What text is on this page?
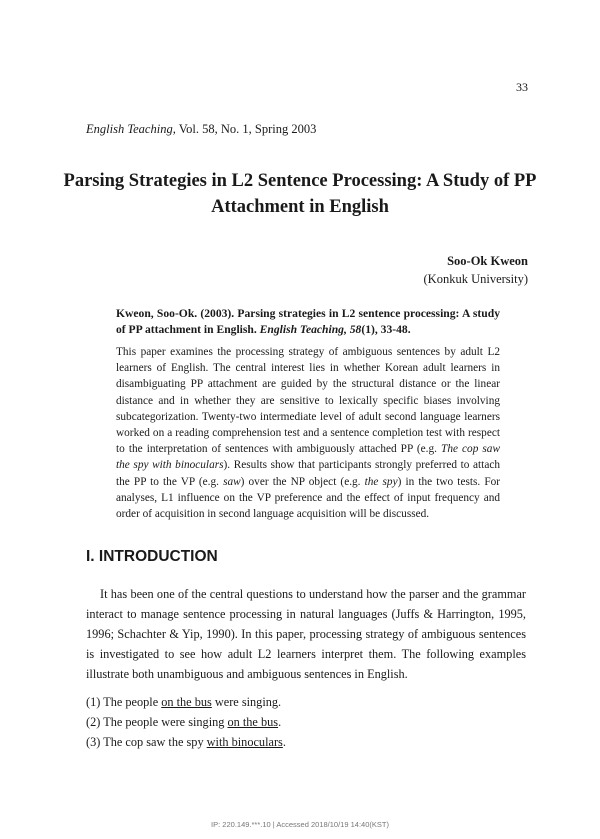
33
English Teaching, Vol. 58, No. 1, Spring 2003
Parsing Strategies in L2 Sentence Processing: A Study of PP
Attachment in English
Soo-Ok Kweon
(Konkuk University)
Kweon, Soo-Ok. (2003). Parsing strategies in L2 sentence processing: A study of PP attachment in English. English Teaching, 58(1), 33-48.
This paper examines the processing strategy of ambiguous sentences by adult L2 learners of English. The central interest lies in whether Korean adult learners in disambiguating PP attachment are guided by the structural distance or the linear distance and in whether they are sensitive to lexically specific biases involving subcategorization. Twenty-two intermediate level of adult second language learners worked on a reading comprehension test and a sentence completion test with respect to the interpretation of sentences with ambiguously attached PP (e.g. The cop saw the spy with binoculars). Results show that participants strongly preferred to attach the PP to the VP (e.g. saw) over the NP object (e.g. the spy) in the two tests. For analyses, L1 influence on the VP preference and the effect of input frequency and order of acquisition in second language acquisition will be discussed.
I. INTRODUCTION
It has been one of the central questions to understand how the parser and the grammar interact to manage sentence processing in natural languages (Juffs & Harrington, 1995, 1996; Schachter & Yip, 1990). In this paper, processing strategy of ambiguous sentences is investigated to see how adult L2 learners interpret them. The following examples illustrate both unambiguous and ambiguous sentences in English.
(1) The people on the bus were singing.
(2) The people were singing on the bus.
(3) The cop saw the spy with binoculars.
IP: 220.149.***.10 | Accessed 2018/10/19 14:40(KST)
